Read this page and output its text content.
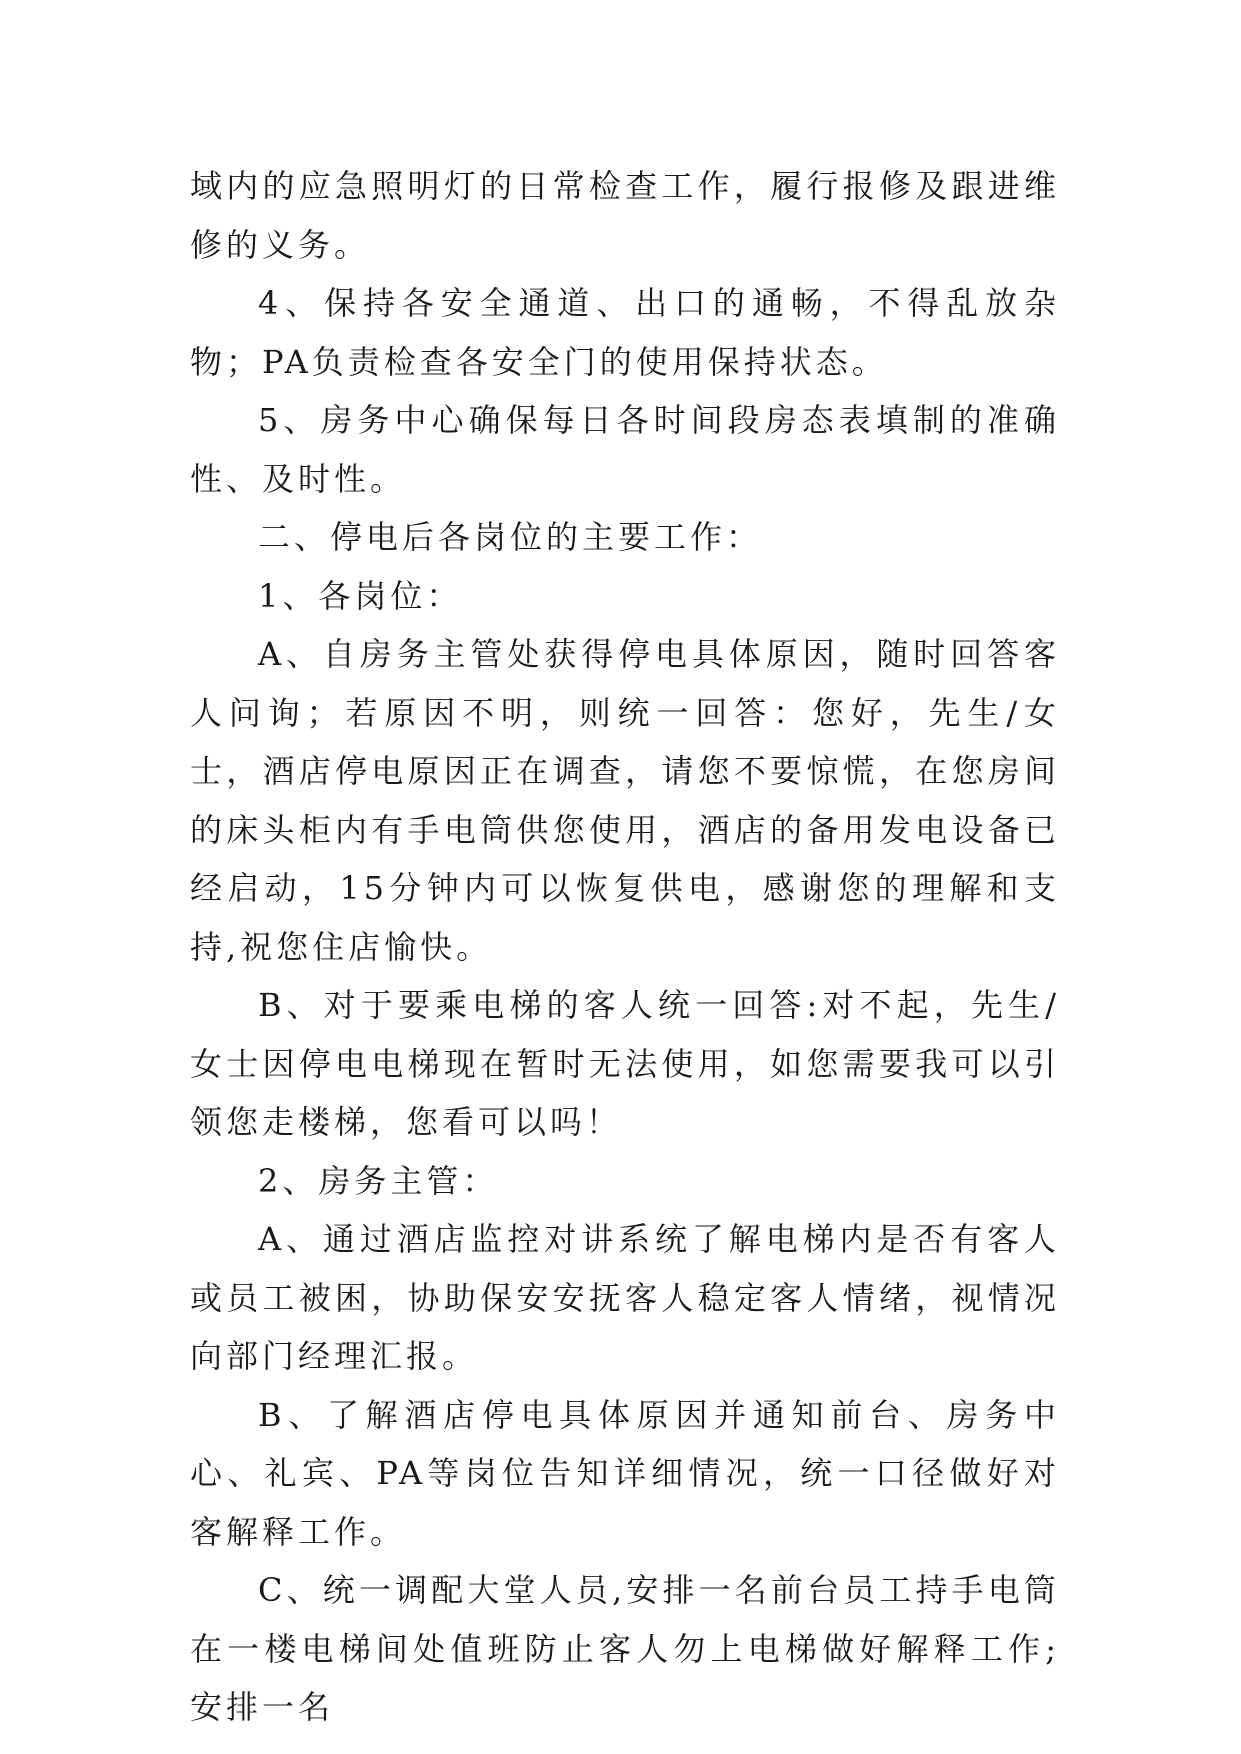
域内的应急照明灯的日常检查工作，履行报修及跟进维修的义务。

4、保持各安全通道、出口的通畅，不得乱放杂物；PA负责检查各安全门的使用保持状态。

5、房务中心确保每日各时间段房态表填制的准确性、及时性。

二、停电后各岗位的主要工作：

1、各岗位：

A、自房务主管处获得停电具体原因，随时回答客人问询；若原因不明，则统一回答：您好，先生/女士，酒店停电原因正在调查，请您不要惊慌，在您房间的床头柜内有手电筒供您使用，酒店的备用发电设备已经启动，15分钟内可以恢复供电，感谢您的理解和支持,祝您住店愉快。

B、对于要乘电梯的客人统一回答:对不起，先生/女士因停电电梯现在暂时无法使用，如您需要我可以引领您走楼梯，您看可以吗！

2、房务主管：

A、通过酒店监控对讲系统了解电梯内是否有客人或员工被困，协助保安安抚客人稳定客人情绪，视情况向部门经理汇报。

B、了解酒店停电具体原因并通知前台、房务中心、礼宾、PA等岗位告知详细情况，统一口径做好对客解释工作。

C、统一调配大堂人员,安排一名前台员工持手电筒在一楼电梯间处值班防止客人勿上电梯做好解释工作;安排一名
